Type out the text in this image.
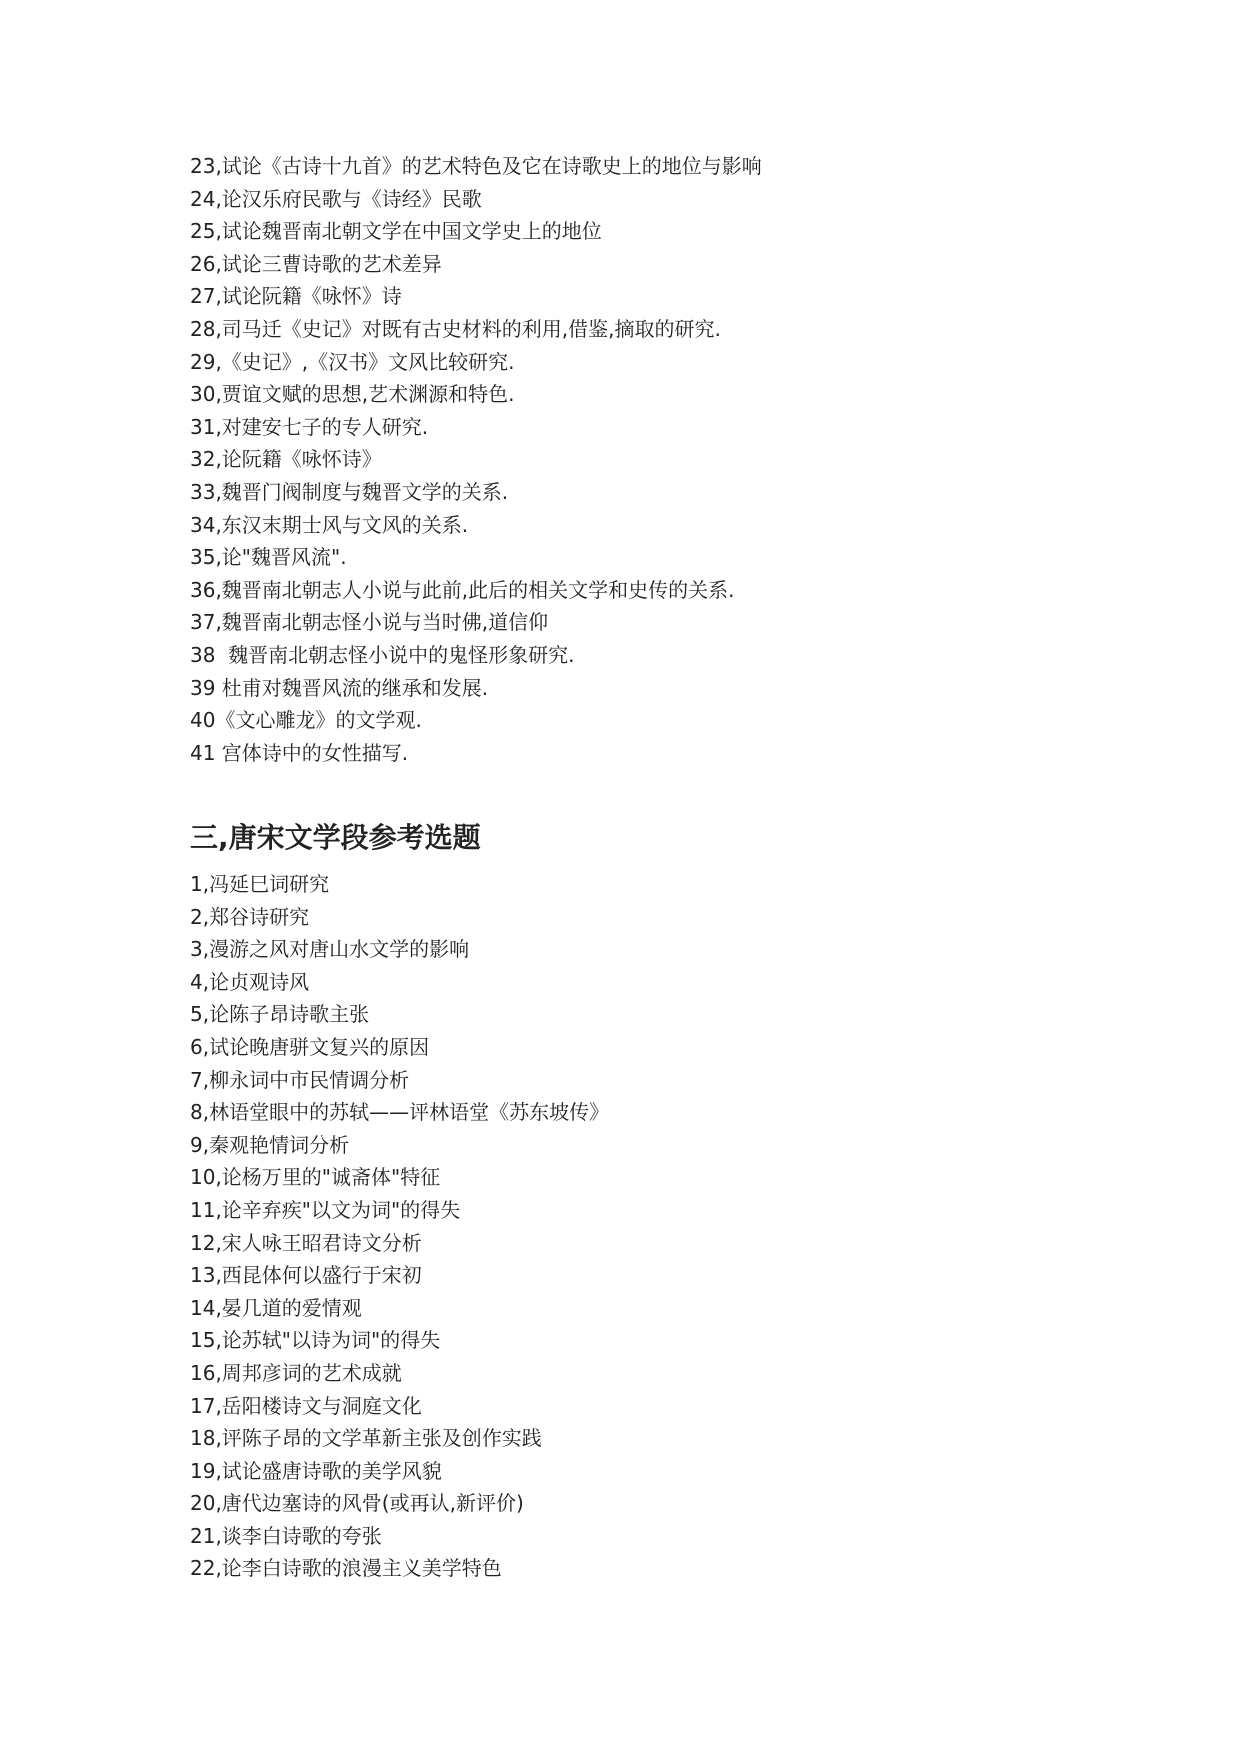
23,试论《古诗十九首》的艺术特色及它在诗歌史上的地位与影响
24,论汉乐府民歌与《诗经》民歌
25,试论魏晋南北朝文学在中国文学史上的地位
26,试论三曹诗歌的艺术差异
27,试论阮籍《咏怀》诗
28,司马迁《史记》对既有古史材料的利用,借鉴,摘取的研究.
29,《史记》,《汉书》文风比较研究.
30,贾谊文赋的思想,艺术渊源和特色.
31,对建安七子的专人研究.
32,论阮籍《咏怀诗》
33,魏晋门阀制度与魏晋文学的关系.
34,东汉末期士风与文风的关系.
35,论"魏晋风流".
36,魏晋南北朝志人小说与此前,此后的相关文学和史传的关系.
37,魏晋南北朝志怪小说与当时佛,道信仰
38  魏晋南北朝志怪小说中的鬼怪形象研究.
39 杜甫对魏晋风流的继承和发展.
40《文心雕龙》的文学观.
41 宫体诗中的女性描写.
三,唐宋文学段参考选题
1,冯延巳词研究
2,郑谷诗研究
3,漫游之风对唐山水文学的影响
4,论贞观诗风
5,论陈子昂诗歌主张
6,试论晚唐骈文复兴的原因
7,柳永词中市民情调分析
8,林语堂眼中的苏轼——评林语堂《苏东坡传》
9,秦观艳情词分析
10,论杨万里的"诚斋体"特征
11,论辛弃疾"以文为词"的得失
12,宋人咏王昭君诗文分析
13,西昆体何以盛行于宋初
14,晏几道的爱情观
15,论苏轼"以诗为词"的得失
16,周邦彦词的艺术成就
17,岳阳楼诗文与洞庭文化
18,评陈子昂的文学革新主张及创作实践
19,试论盛唐诗歌的美学风貌
20,唐代边塞诗的风骨(或再认,新评价)
21,谈李白诗歌的夸张
22,论李白诗歌的浪漫主义美学特色
